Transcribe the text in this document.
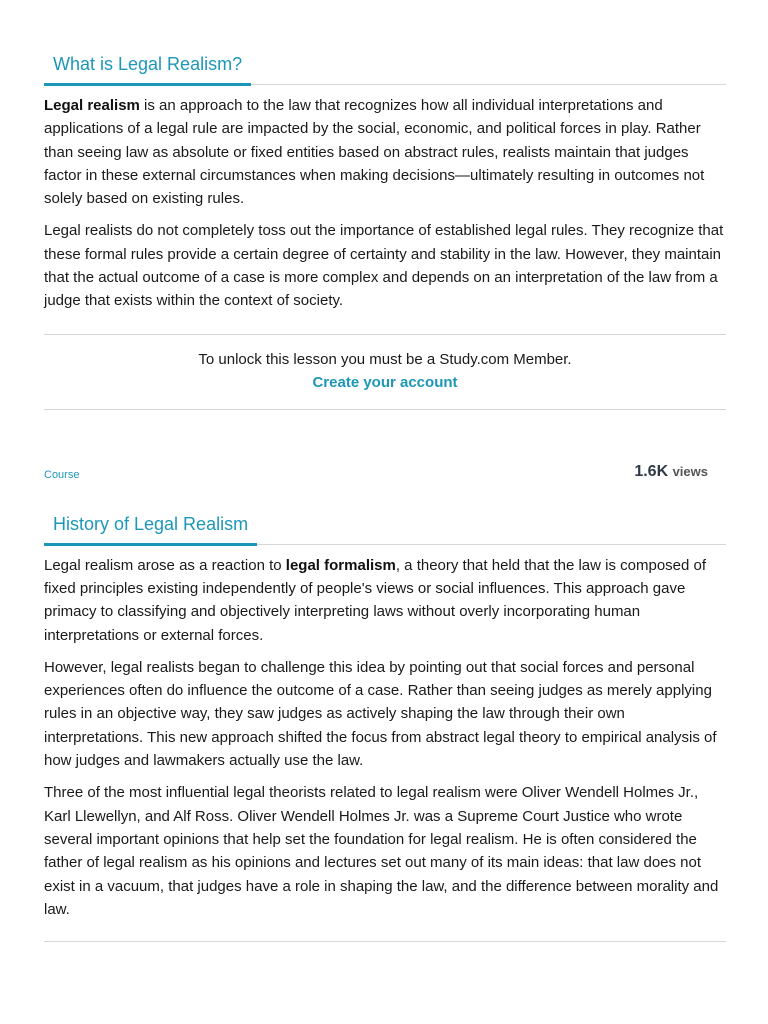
What is Legal Realism?

Legal realism is an approach to the law that recognizes how all individual interpretations and applications of a legal rule are impacted by the social, economic, and political forces in play. Rather than seeing law as absolute or fixed entities based on abstract rules, realists maintain that judges factor in these external circumstances when making decisions—ultimately resulting in outcomes not solely based on existing rules.

Legal realists do not completely toss out the importance of established legal rules. They recognize that these formal rules provide a certain degree of certainty and stability in the law. However, they maintain that the actual outcome of a case is more complex and depends on an interpretation of the law from a judge that exists within the context of society.

To unlock this lesson you must be a Study.com Member.
Create your account
Course	1.6K views
History of Legal Realism

Legal realism arose as a reaction to legal formalism, a theory that held that the law is composed of fixed principles existing independently of people's views or social influences. This approach gave primacy to classifying and objectively interpreting laws without overly incorporating human interpretations or external forces.

However, legal realists began to challenge this idea by pointing out that social forces and personal experiences often do influence the outcome of a case. Rather than seeing judges as merely applying rules in an objective way, they saw judges as actively shaping the law through their own interpretations. This new approach shifted the focus from abstract legal theory to empirical analysis of how judges and lawmakers actually use the law.

Three of the most influential legal theorists related to legal realism were Oliver Wendell Holmes Jr., Karl Llewellyn, and Alf Ross. Oliver Wendell Holmes Jr. was a Supreme Court Justice who wrote several important opinions that help set the foundation for legal realism. He is often considered the father of legal realism as his opinions and lectures set out many of its main ideas: that law does not exist in a vacuum, that judges have a role in shaping the law, and the difference between morality and law.
